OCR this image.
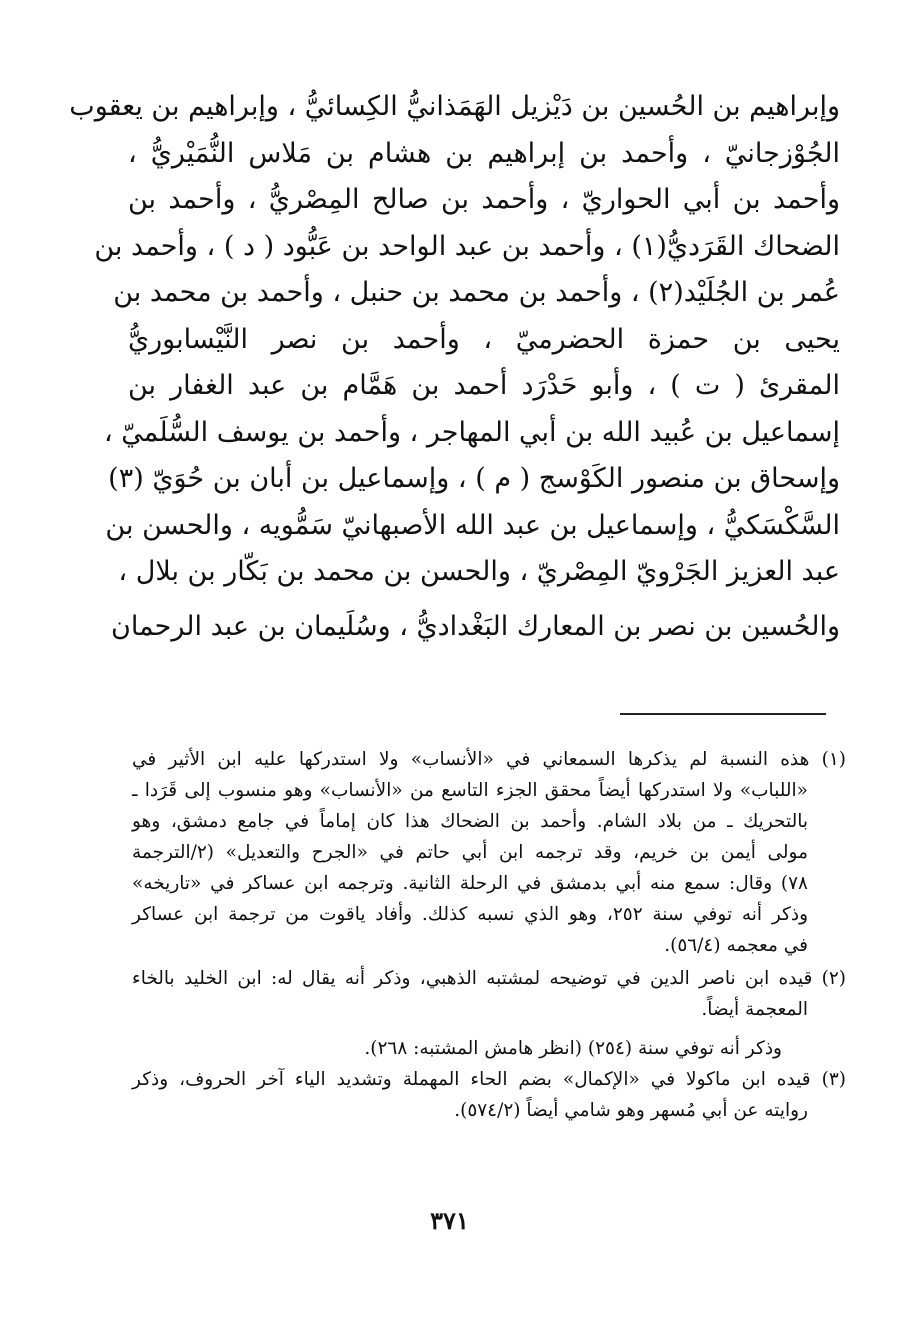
وإبراهيم بن الحُسين بن دَيْزيل الهَمَذانيُّ الكِسائيُّ ، وإبراهيم بن يعقوب
الجُوْزجانيّ ، وأحمد بن إبراهيم بن هشام بن مَلاس النُّمَيْريُّ ،
وأحمد بن أبي الحواريّ ، وأحمد بن صالح المِصْريُّ ، وأحمد بن
الضحاك القَرَديُّ(١) ، وأحمد بن عبد الواحد بن عَبُّود ( د ) ، وأحمد بن
عُمر بن الجُلَيْد(٢) ، وأحمد بن محمد بن حنبل ، وأحمد بن محمد بن
يحيى بن حمزة الحضرميّ ، وأحمد بن نصر النَّيْسابوريُّ
المقرئ ( ت ) ، وأبو حَدْرَد أحمد بن هَمَّام بن عبد الغفار بن
إسماعيل بن عُبيد الله بن أبي المهاجر ، وأحمد بن يوسف السُّلَميّ ،
وإسحاق بن منصور الكَوْسج ( م ) ، وإسماعيل بن أبان بن حُوَيّ (٣)
السَّكْسَكيُّ ، وإسماعيل بن عبد الله الأصبهانيّ سَمُّويه ، والحسن بن
عبد العزيز الجَرْويّ المِصْريّ ، والحسن بن محمد بن بَكّار بن بلال ،
والحُسين بن نصر بن المعارك البَغْداديُّ ، وسُلَيمان بن عبد الرحمان
(١) هذه النسبة لم يذكرها السمعاني في «الأنساب» ولا استدركها عليه ابن الأثير في
«اللباب» ولا استدركها أيضاً محقق الجزء التاسع من «الأنساب» وهو منسوب إلى قَرَدا ـ
بالتحريك ـ من بلاد الشام. وأحمد بن الضحاك هذا كان إماماً في جامع دمشق، وهو
مولى أيمن بن خريم، وقد ترجمه ابن أبي حاتم في «الجرح والتعديل» (٢/الترجمة
٧٨) وقال: سمع منه أبي بدمشق في الرحلة الثانية. وترجمه ابن عساكر في «تاريخه»
وذكر أنه توفي سنة ٢٥٢، وهو الذي نسبه كذلك. وأفاد ياقوت من ترجمة ابن عساكر
في معجمه (٥٦/٤).
(٢) قيده ابن ناصر الدين في توضيحه لمشتبه الذهبي، وذكر أنه يقال له: ابن الخليد بالخاء
المعجمة أيضاً.
وذكر أنه توفي سنة (٢٥٤) (انظر هامش المشتبه: ٢٦٨).
(٣) قيده ابن ماكولا في «الإكمال» بضم الحاء المهملة وتشديد الياء آخر الحروف، وذكر
روايته عن أبي مُسهر وهو شامي أيضاً (٥٧٤/٢).
٣٧١
